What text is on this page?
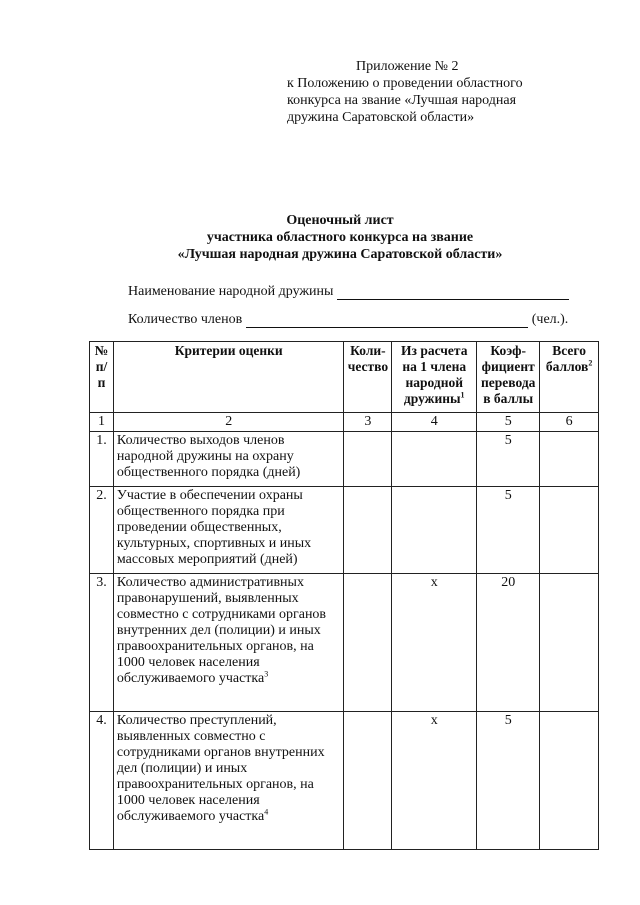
Приложение № 2
к Положению о проведении областного
конкурса на звание «Лучшая народная
дружина Саратовской области»
Оценочный лист
участника областного конкурса на звание
«Лучшая народная дружина Саратовской области»
Наименование народной дружины
Количество членов	(чел.).
№ п/п	Критерии оценки	Коли-чество	Из расчета на 1 члена народной дружины$^1$	Коэф-фициент перевода в баллы	Всего баллов$^2$
1	2	3	4	5	6
1.	Количество выходов членов народной дружины на охрану общественного порядка (дней)			5	
2.	Участие в обеспечении охраны общественного порядка при проведении общественных, культурных, спортивных и иных массовых мероприятий (дней)			5	
3.	Количество административных правонарушений, выявленных совместно с сотрудниками органов внутренних дел (полиции) и иных правоохранительных органов, на 1000 человек населения обслуживаемого участка$^3$		х	20	
4.	Количество преступлений, выявленных совместно с сотрудниками органов внутренних дел (полиции) и иных правоохранительных органов, на 1000 человек населения обслуживаемого участка$^4$		х	5	
